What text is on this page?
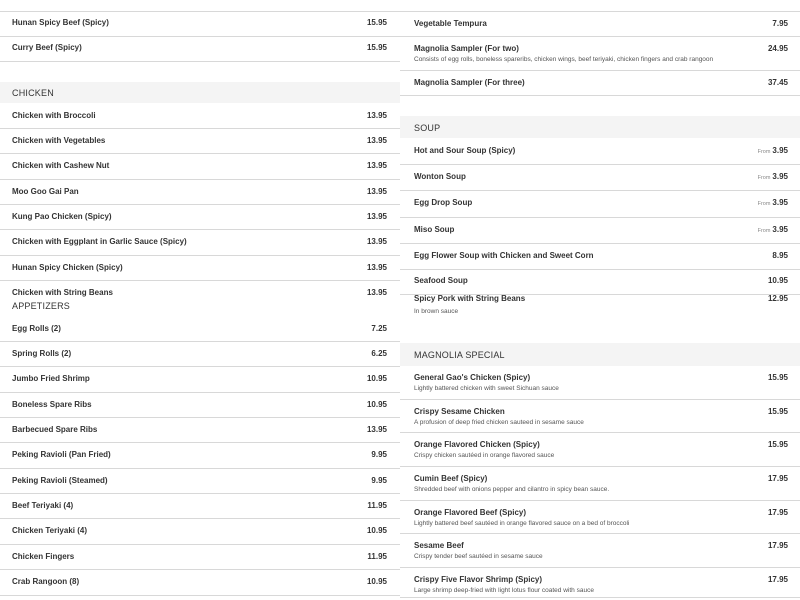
Hunan Spicy Beef (Spicy)	15.95
Curry Beef (Spicy)	15.95
CHICKEN
Chicken with Broccoli	13.95
Chicken with Vegetables	13.95
Chicken with Cashew Nut	13.95
Moo Goo Gai Pan	13.95
Kung Pao Chicken (Spicy)	13.95
Chicken with Eggplant in Garlic Sauce (Spicy)	13.95
Hunan Spicy Chicken (Spicy)	13.95
Chicken with String Beans	13.95
APPETIZERS
Egg Rolls (2)	7.25
Spring Rolls (2)	6.25
Jumbo Fried Shrimp	10.95
Boneless Spare Ribs	10.95
Barbecued Spare Ribs	13.95
Peking Ravioli (Pan Fried)	9.95
Peking Ravioli (Steamed)	9.95
Beef Teriyaki (4)	11.95
Chicken Teriyaki (4)	10.95
Chicken Fingers	11.95
Crab Rangoon (8)	10.95
Vegetable Tempura	7.95
Magnolia Sampler (For two)	24.95
Consists of egg rolls, boneless spareribs, chicken wings, beef teriyaki, chicken fingers and crab rangoon
Magnolia Sampler (For three)	37.45
SOUP
Hot and Sour Soup (Spicy)	From 3.95
Wonton Soup	From 3.95
Egg Drop Soup	From 3.95
Miso Soup	From 3.95
Egg Flower Soup with Chicken and Sweet Corn	8.95
Seafood Soup	10.95
Spicy Pork with String Beans	12.95
In brown sauce
MAGNOLIA SPECIAL
General Gao's Chicken (Spicy)	15.95
Lightly battered chicken with sweet Sichuan sauce
Crispy Sesame Chicken	15.95
A profusion of deep fried chicken sauteed in sesame sauce
Orange Flavored Chicken (Spicy)	15.95
Crispy chicken sautéed in orange flavored sauce
Cumin Beef (Spicy)	17.95
Shredded beef with onions pepper and cilantro in spicy bean sauce.
Orange Flavored Beef (Spicy)	17.95
Lightly battered beef sautéed in orange flavored sauce on a bed of broccoli
Sesame Beef	17.95
Crispy tender beef sautéed in sesame sauce
Crispy Five Flavor Shrimp (Spicy)	17.95
Large shrimp deep-fried with light lotus flour coated with sauce
